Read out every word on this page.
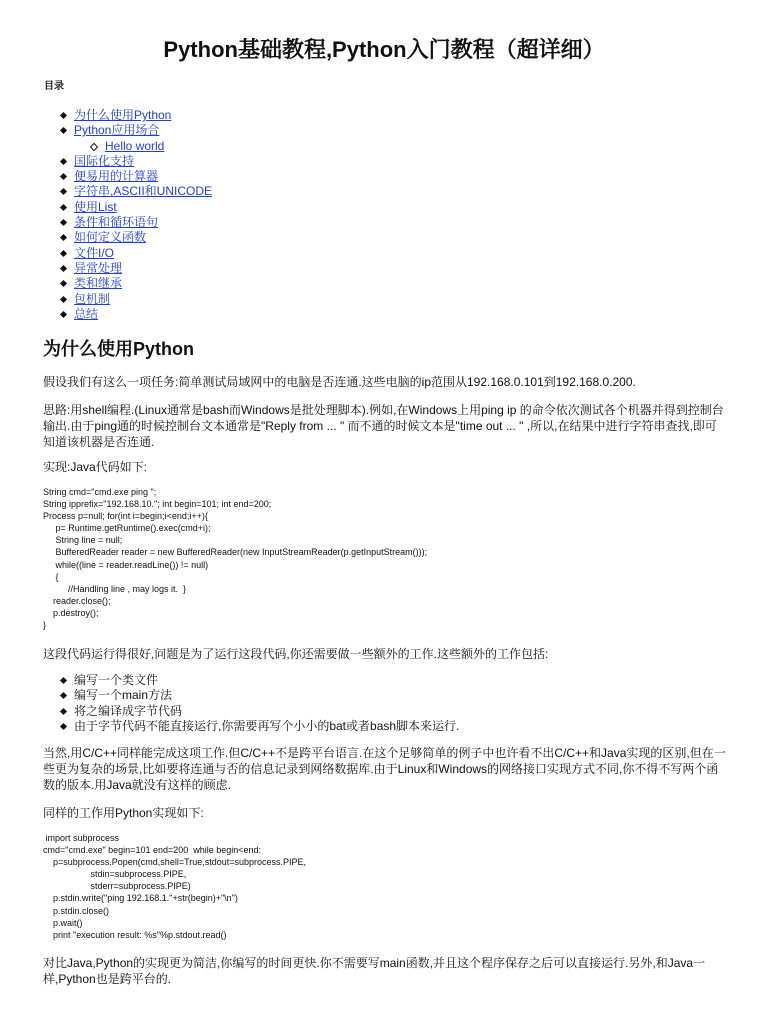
Python基础教程,Python入门教程（超详细）
目录
为什么使用Python
Python应用场合
Hello world
国际化支持
便易用的计算器
字符串,ASCII和UNICODE
使用List
条件和循环语句
如何定义函数
文件I/O
异常处理
类和继承
包机制
总结
为什么使用Python

假设我们有这么一项任务:简单测试局域网中的电脑是否连通.这些电脑的ip范围从192.168.0.101到192.168.0.200.

思路:用shell编程.(Linux通常是bash而Windows是批处理脚本).例如,在Windows上用ping ip 的命令依次测试各个机器并得到控制台输出.由于ping通的时候控制台文本通常是"Reply from ... " 而不通的时候文本是"time out ... " ,所以,在结果中进行字符串查找,即可知道该机器是否连通.

实现:Java代码如下:

String cmd="cmd.exe ping ";
String ipprefix="192.168.10."; int begin=101; int end=200;
Process p=null; for(int i=begin;i<end;i++){
p= Runtime.getRuntime().exec(cmd+i);
String line = null;
BufferedReader reader = new BufferedReader(new InputStreamReader(p.getInputStream()));
while((line = reader.readLine()) != null)
{
//Handling line , may logs it.  }
reader.close();
p.destroy();
}

这段代码运行得很好,问题是为了运行这段代码,你还需要做一些额外的工作.这些额外的工作包括:

编写一个类文件
编写一个main方法
将之编译成字节代码
由于字节代码不能直接运行,你需要再写个小小的bat或者bash脚本来运行.

当然,用C/C++同样能完成这项工作.但C/C++不是跨平台语言.在这个足够简单的例子中也许看不出C/C++和Java实现的区别,但在一些更为复杂的场景,比如要将连通与否的信息记录到网络数据库.由于Linux和Windows的网络接口实现方式不同,你不得不写两个函数的版本.用Java就没有这样的顾虑.

同样的工作用Python实现如下:

import subprocess
cmd="cmd.exe" begin=101 end=200  while begin<end:
p=subprocess.Popen(cmd,shell=True,stdout=subprocess.PIPE,
stdin=subprocess.PIPE,
stderr=subprocess.PIPE)
p.stdin.write("ping 192.168.1."+str(begin)+"\n")
p.stdin.close()
p.wait()
print "execution result: %s"%p.stdout.read()

对比Java,Python的实现更为简洁,你编写的时间更快.你不需要写main函数,并且这个程序保存之后可以直接运行.另外,和Java一样,Python也是跨平台的.
